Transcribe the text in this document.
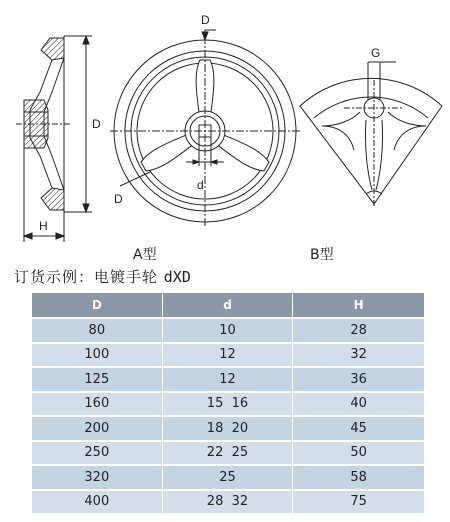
D
H
D
d
D
G
A型	B型
订货示例：电镀手轮 dXD
D	d	H
80	10	28
100	12	32
125	12	36
160	15  16	40
200	18  20	45
250	22  25	50
320	25	58
400	28  32	75
